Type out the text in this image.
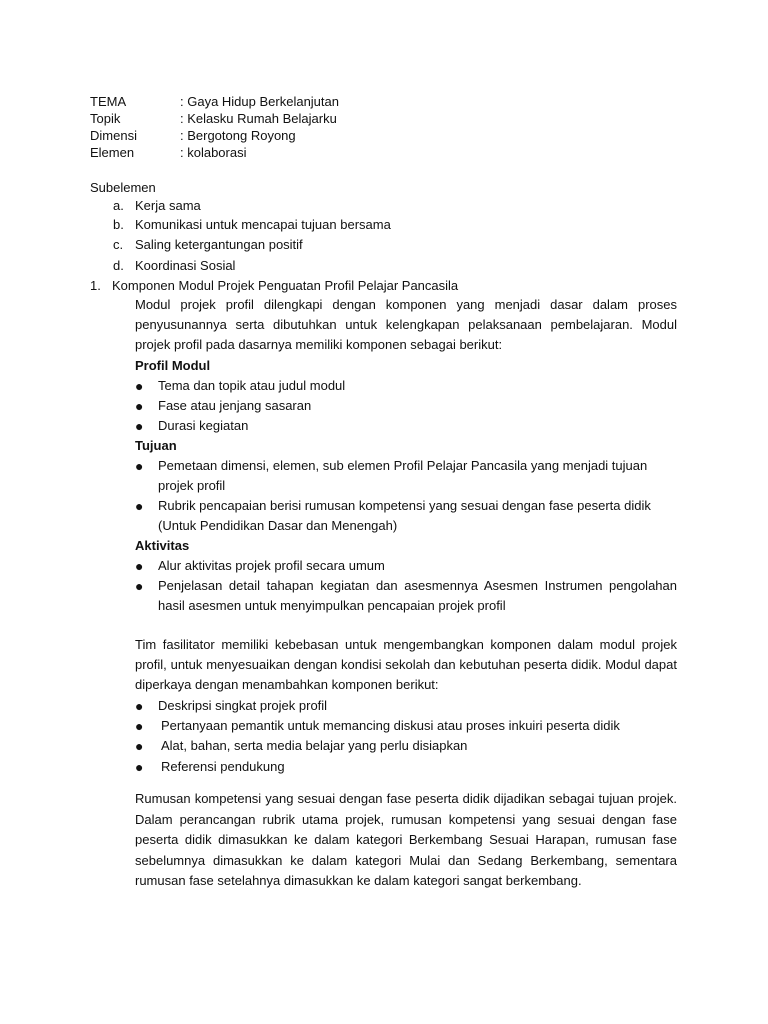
TEMA	: Gaya Hidup Berkelanjutan
Topik	: Kelasku Rumah Belajarku
Dimensi	: Bergotong Royong
Elemen	: kolaborasi
Subelemen
a. Kerja sama
b. Komunikasi untuk mencapai tujuan bersama
c. Saling ketergantungan positif
d. Koordinasi Sosial
1. Komponen Modul Projek Penguatan Profil Pelajar Pancasila

Modul projek profil dilengkapi dengan komponen yang menjadi dasar dalam proses penyusunannya serta dibutuhkan untuk kelengkapan pelaksanaan pembelajaran. Modul projek profil pada dasarnya memiliki komponen sebagai berikut:

Profil Modul
●	Tema dan topik atau judul modul
●	Fase atau jenjang sasaran
●	Durasi kegiatan
Tujuan
●	Pemetaan dimensi, elemen, sub elemen Profil Pelajar Pancasila yang menjadi tujuan projek profil
●	Rubrik pencapaian berisi rumusan kompetensi yang sesuai dengan fase peserta didik (Untuk Pendidikan Dasar dan Menengah)
Aktivitas
●	Alur aktivitas projek profil secara umum
●	Penjelasan detail tahapan kegiatan dan asesmennya Asesmen Instrumen pengolahan hasil asesmen untuk menyimpulkan pencapaian projek profil

Tim fasilitator memiliki kebebasan untuk mengembangkan komponen dalam modul projek profil, untuk menyesuaikan dengan kondisi sekolah dan kebutuhan peserta didik. Modul dapat diperkaya dengan menambahkan komponen berikut:

●	Deskripsi singkat projek profil
●	Pertanyaan pemantik untuk memancing diskusi atau proses inkuiri peserta didik
●	Alat, bahan, serta media belajar yang perlu disiapkan
●	Referensi pendukung

Rumusan kompetensi yang sesuai dengan fase peserta didik dijadikan sebagai tujuan projek. Dalam perancangan rubrik utama projek, rumusan kompetensi yang sesuai dengan fase peserta didik dimasukkan ke dalam kategori Berkembang Sesuai Harapan, rumusan fase sebelumnya dimasukkan ke dalam kategori Mulai dan Sedang Berkembang, sementara rumusan fase setelahnya dimasukkan ke dalam kategori sangat berkembang.
